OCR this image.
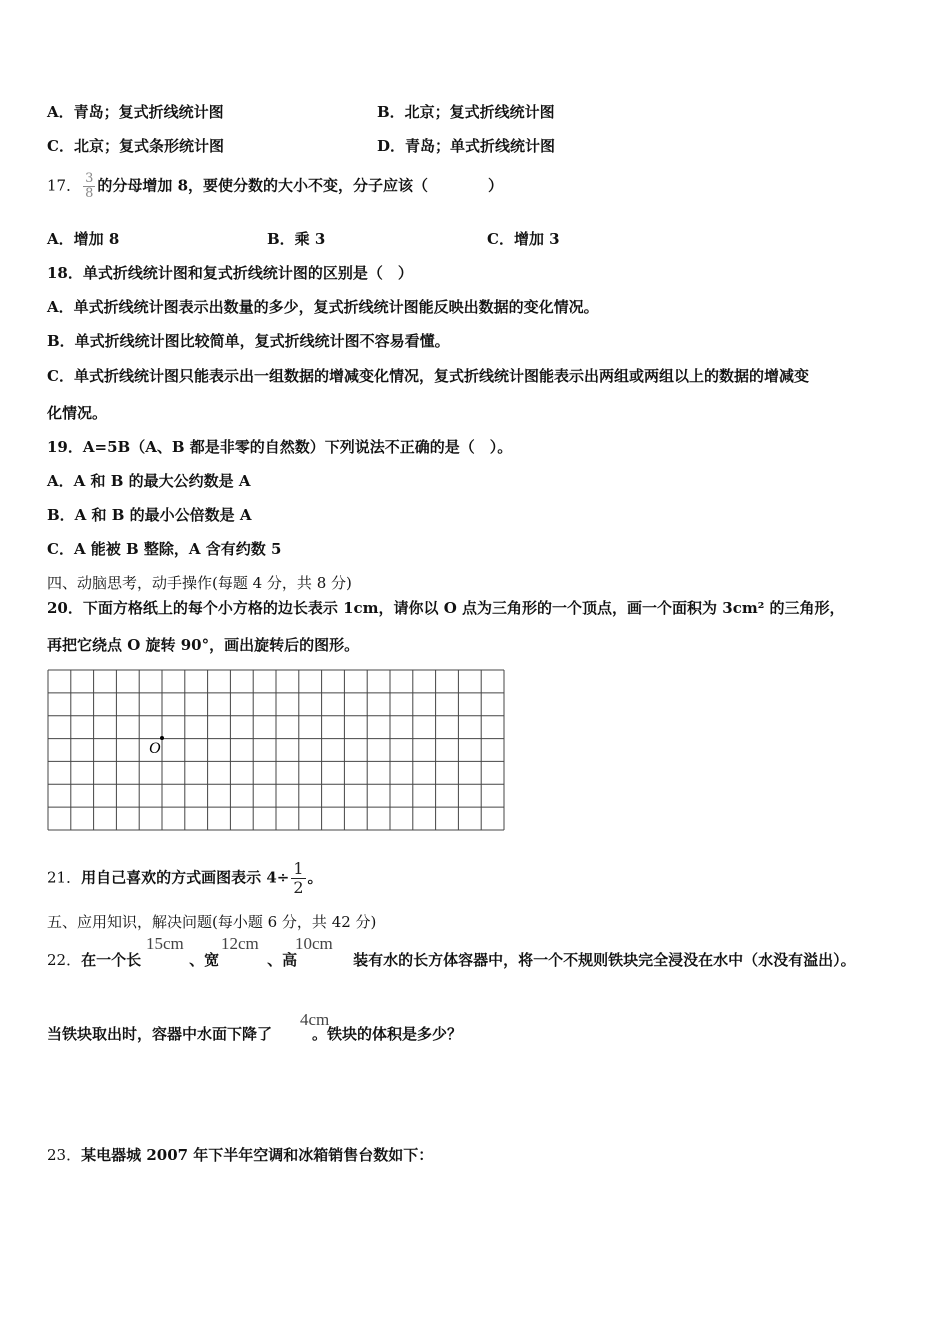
A．青岛；复式折线统计图	B．北京；复式折线统计图
C．北京；复式条形统计图	D．青岛；单式折线统计图
17． $\frac{3}{8}$ 的分母增加 8，要使分数的大小不变，分子应该（　　　　）
A．增加 8	B．乘 3	C．增加 3
18．单式折线统计图和复式折线统计图的区别是（　）
A．单式折线统计图表示出数量的多少，复式折线统计图能反映出数据的变化情况。
B．单式折线统计图比较简单，复式折线统计图不容易看懂。
C．单式折线统计图只能表示出一组数据的增减变化情况，复式折线统计图能表示出两组或两组以上的数据的增减变
化情况。
19．A=5B（A、B 都是非零的自然数）下列说法不正确的是（　）。
A．A 和 B 的最大公约数是 A
B．A 和 B 的最小公倍数是 A
C．A 能被 B 整除，A 含有约数 5
四、动脑思考，动手操作(每题 4 分，共 8 分)
20．下面方格纸上的每个小方格的边长表示 1cm，请你以 O 点为三角形的一个顶点，画一个面积为 3cm² 的三角形，
再把它绕点 O 旋转 90°，画出旋转后的图形。
O
21．用自己喜欢的方式画图表示 $4\div \frac{1}{2}$ 。
五、应用知识，解决问题(每小题 6 分，共 42 分)
22．在一个长	、宽	、高	装有水的长方体容器中，将一个不规则铁块完全浸没在水中（水没有溢出）。
15cm 12cm 10cm
当铁块取出时，容器中水面下降了	。铁块的体积是多少？
4cm
23．某电器城 2007 年下半年空调和冰箱销售台数如下：
